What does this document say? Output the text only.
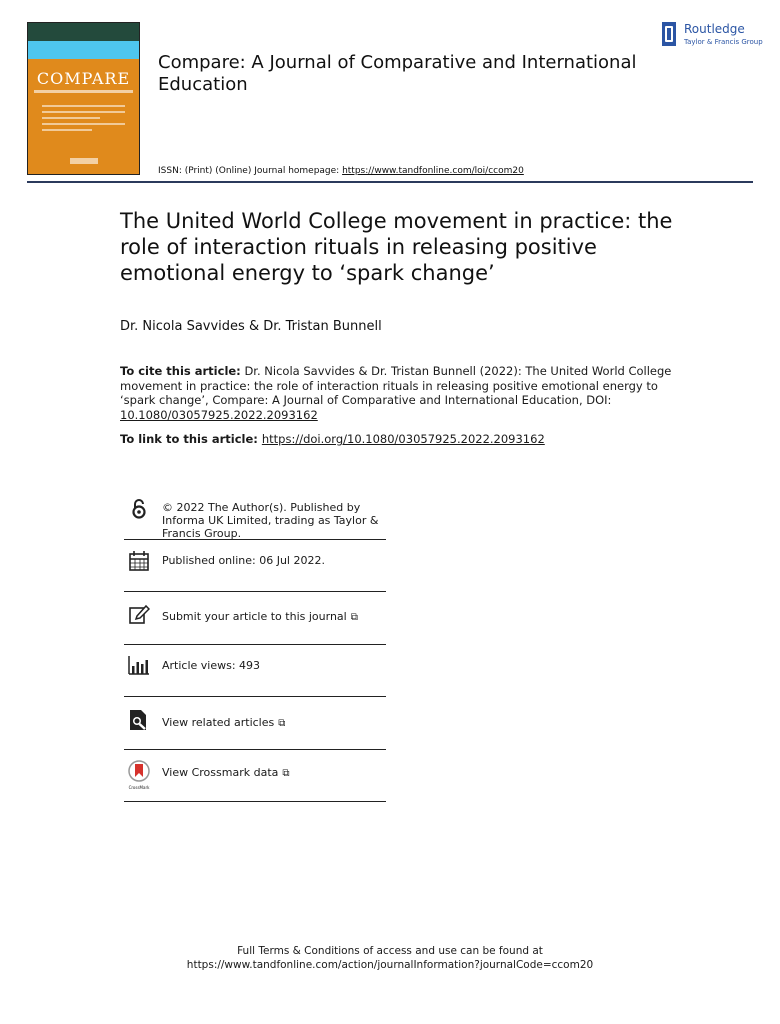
COMPARE
Compare: A Journal of Comparative and International Education
ISSN: (Print) (Online) Journal homepage: https://www.tandfonline.com/loi/ccom20
Routledge
Taylor & Francis Group
The United World College movement in practice: the role of interaction rituals in releasing positive emotional energy to ‘spark change’
Dr. Nicola Savvides & Dr. Tristan Bunnell
To cite this article: Dr. Nicola Savvides & Dr. Tristan Bunnell (2022): The United World College movement in practice: the role of interaction rituals in releasing positive emotional energy to ‘spark change’, Compare: A Journal of Comparative and International Education, DOI: 10.1080/03057925.2022.2093162
To link to this article: https://doi.org/10.1080/03057925.2022.2093162
© 2022 The Author(s). Published by Informa UK Limited, trading as Taylor & Francis Group.
Published online: 06 Jul 2022.
Submit your article to this journal ⧉
Article views: 493
View related articles ⧉
CrossMark
View Crossmark data ⧉
Full Terms & Conditions of access and use can be found at
https://www.tandfonline.com/action/journalInformation?journalCode=ccom20
